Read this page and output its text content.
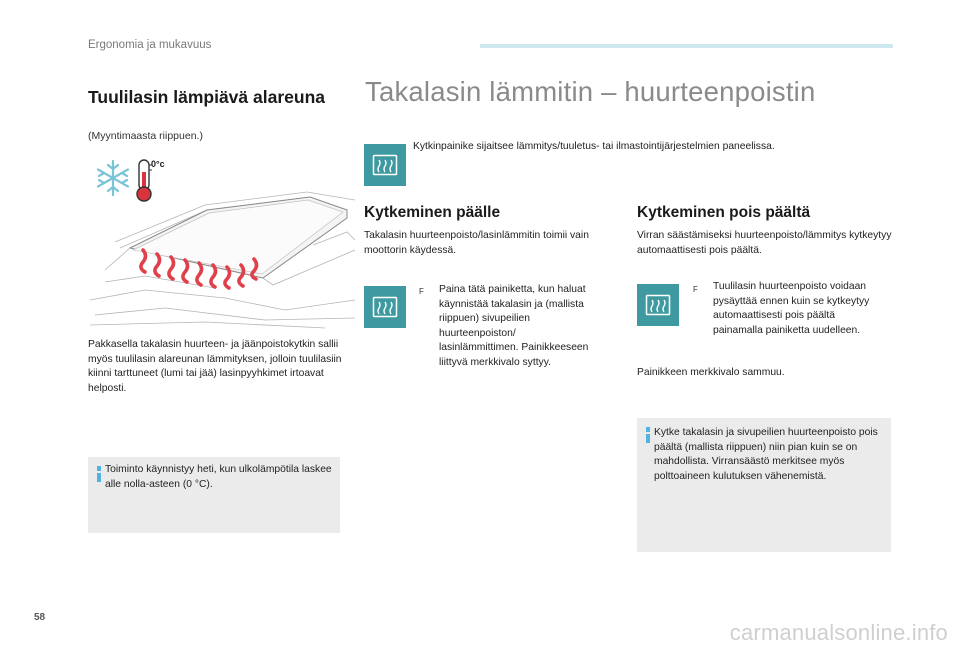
Ergonomia ja mukavuus
Tuulilasin lämpiävä alareuna
(Myyntimaasta riippuen.)
0°c
Pakkasella takalasin huurteen- ja jäänpoistokytkin sallii myös tuulilasin alareunan lämmityksen, jolloin tuulilasiin kiinni tarttuneet (lumi tai jää) lasinpyyhkimet irtoavat helposti.
Toiminto käynnistyy heti, kun ulkolämpötila laskee alle nolla-asteen (0 °C).
Takalasin lämmitin – huurteenpoistin
Kytkinpainike sijaitsee lämmitys/tuuletus- tai ilmastointijärjestelmien paneelissa.
Kytkeminen päälle
Takalasin huurteenpoisto/lasinlämmitin toimii vain moottorin käydessä.
F Paina tätä painiketta, kun haluat käynnistää takalasin ja (mallista riippuen) sivupeilien huurteenpoiston/ lasinlämmittimen. Painikkeeseen liittyvä merkkivalo syttyy.
Kytkeminen pois päältä
Virran säästämiseksi huurteenpoisto/lämmitys kytkeytyy automaattisesti pois päältä.
F Tuulilasin huurteenpoisto voidaan pysäyttää ennen kuin se kytkeytyy automaattisesti pois päältä painamalla painiketta uudelleen.
Painikkeen merkkivalo sammuu.
Kytke takalasin ja sivupeilien huurteenpoisto pois päältä (mallista riippuen) niin pian kuin se on mahdollista. Virransäästö merkitsee myös polttoaineen kulutuksen vähenemistä.
58
carmanualsonline.info
